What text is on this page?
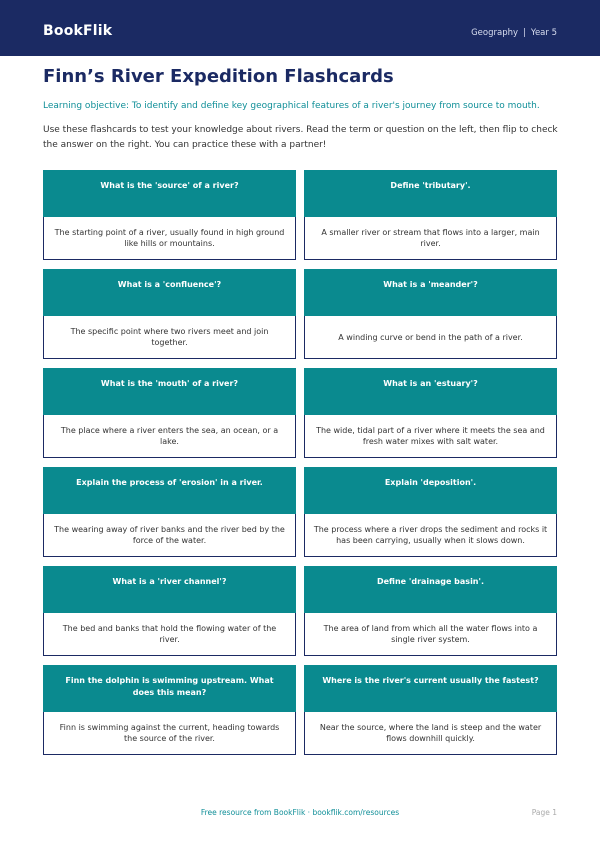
BookFlik	Geography | Year 5
Finn’s River Expedition Flashcards
Learning objective: To identify and define key geographical features of a river's journey from source to mouth.
Use these flashcards to test your knowledge about rivers. Read the term or question on the left, then flip to check the answer on the right. You can practice these with a partner!
What is the 'source' of a river?
The starting point of a river, usually found in high ground like hills or mountains.
Define 'tributary'.
A smaller river or stream that flows into a larger, main river.
What is a 'confluence'?
The specific point where two rivers meet and join together.
What is a 'meander'?
A winding curve or bend in the path of a river.
What is the 'mouth' of a river?
The place where a river enters the sea, an ocean, or a lake.
What is an 'estuary'?
The wide, tidal part of a river where it meets the sea and fresh water mixes with salt water.
Explain the process of 'erosion' in a river.
The wearing away of river banks and the river bed by the force of the water.
Explain 'deposition'.
The process where a river drops the sediment and rocks it has been carrying, usually when it slows down.
What is a 'river channel'?
The bed and banks that hold the flowing water of the river.
Define 'drainage basin'.
The area of land from which all the water flows into a single river system.
Finn the dolphin is swimming upstream. What does this mean?
Finn is swimming against the current, heading towards the source of the river.
Where is the river's current usually the fastest?
Near the source, where the land is steep and the water flows downhill quickly.
Free resource from BookFlik · bookflik.com/resources	Page 1
